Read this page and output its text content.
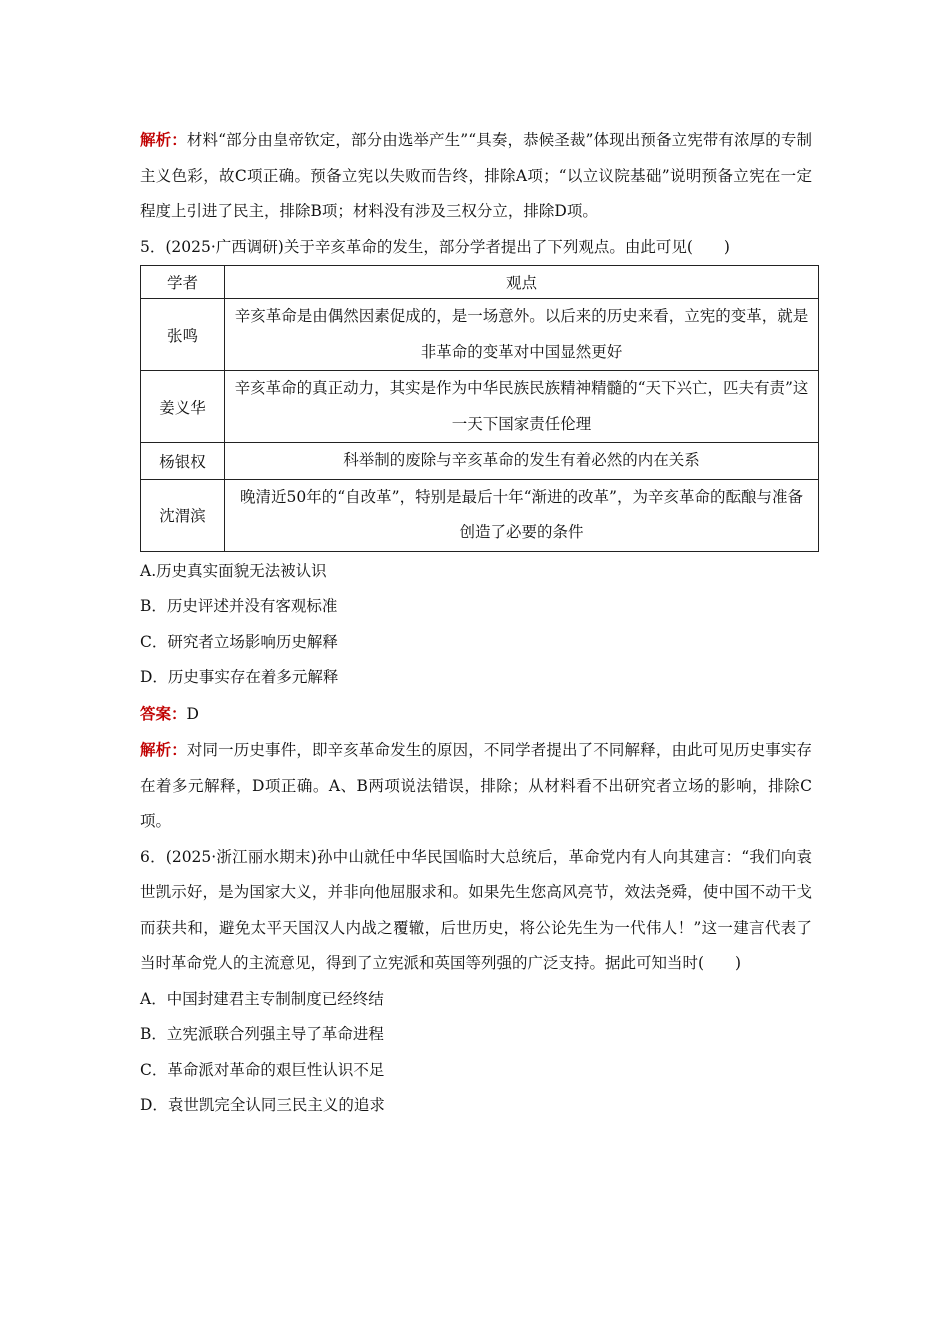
解析：材料“部分由皇帝钦定，部分由选举产生”“具奏，恭候圣裁”体现出预备立宪带有浓厚的专制主义色彩，故C项正确。预备立宪以失败而告终，排除A项；“以立议院基础”说明预备立宪在一定程度上引进了民主，排除B项；材料没有涉及三权分立，排除D项。

5．(2025·广西调研)关于辛亥革命的发生，部分学者提出了下列观点。由此可见(　　)

学者	观点
张鸣	辛亥革命是由偶然因素促成的，是一场意外。以后来的历史来看，立宪的变革，就是非革命的变革对中国显然更好
姜义华	辛亥革命的真正动力，其实是作为中华民族民族精神精髓的“天下兴亡，匹夫有责”这一天下国家责任伦理
杨银权	科举制的废除与辛亥革命的发生有着必然的内在关系
沈渭滨	晚清近50年的“自改革”，特别是最后十年“渐进的改革”，为辛亥革命的酝酿与准备创造了必要的条件

A.历史真实面貌无法被认识

B．历史评述并没有客观标准

C．研究者立场影响历史解释

D．历史事实存在着多元解释

答案：D

解析：对同一历史事件，即辛亥革命发生的原因，不同学者提出了不同解释，由此可见历史事实存在着多元解释，D项正确。A、B两项说法错误，排除；从材料看不出研究者立场的影响，排除C项。

6．(2025·浙江丽水期末)孙中山就任中华民国临时大总统后，革命党内有人向其建言：“我们向袁世凯示好，是为国家大义，并非向他屈服求和。如果先生您高风亮节，效法尧舜，使中国不动干戈而获共和，避免太平天国汉人内战之覆辙，后世历史，将公论先生为一代伟人！”这一建言代表了当时革命党人的主流意见，得到了立宪派和英国等列强的广泛支持。据此可知当时(　　)

A．中国封建君主专制制度已经终结

B．立宪派联合列强主导了革命进程

C．革命派对革命的艰巨性认识不足

D．袁世凯完全认同三民主义的追求
